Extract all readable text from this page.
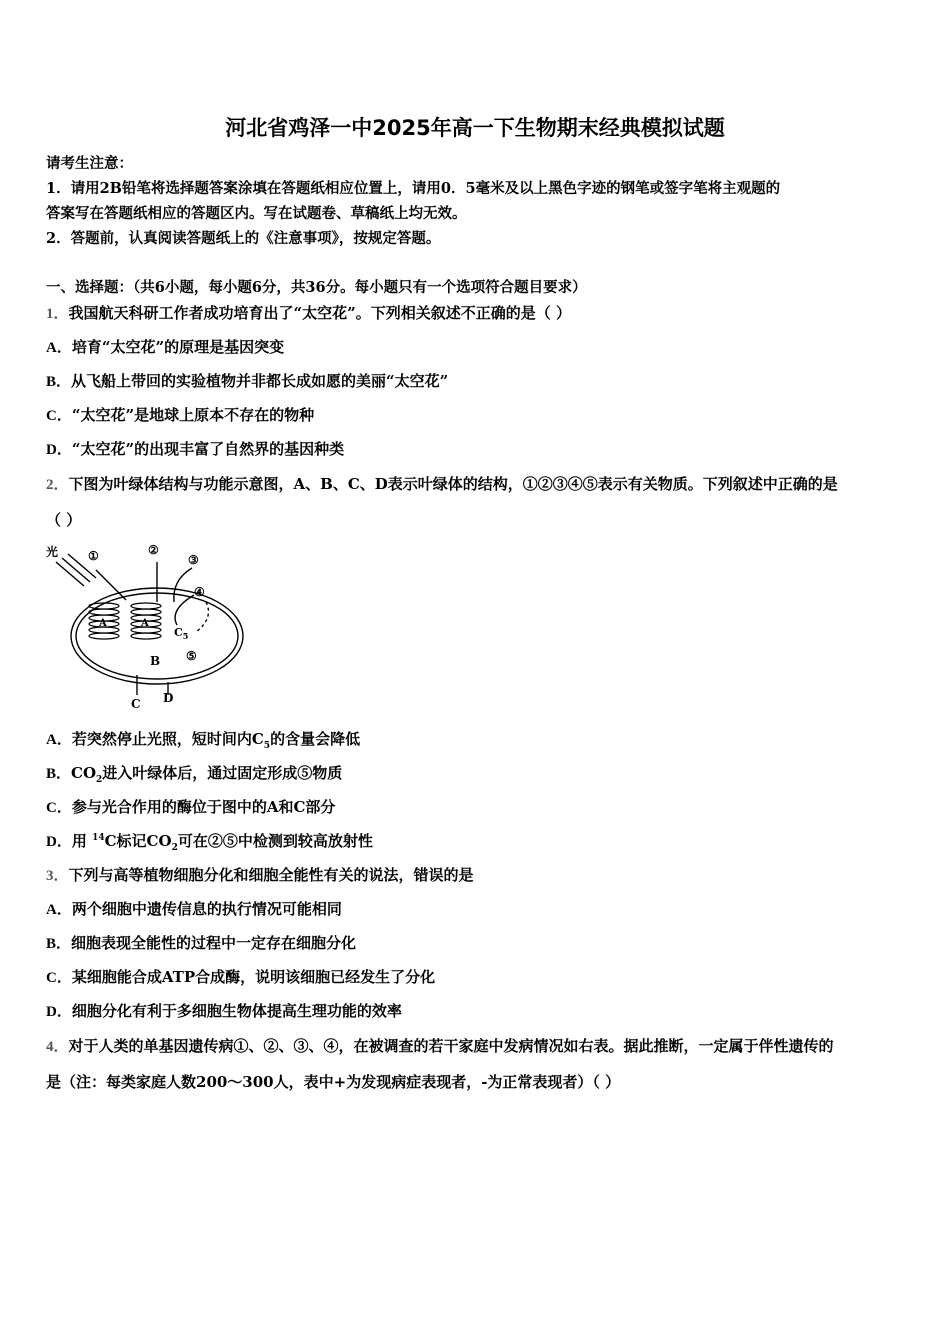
河北省鸡泽一中2025年高一下生物期末经典模拟试题
请考生注意：
1．请用2B铅笔将选择题答案涂填在答题纸相应位置上，请用0．5毫米及以上黑色字迹的钢笔或签字笔将主观题的
答案写在答题纸相应的答题区内。写在试题卷、草稿纸上均无效。
2．答题前，认真阅读答题纸上的《注意事项》，按规定答题。
一、选择题：（共6小题，每小题6分，共36分。每小题只有一个选项符合题目要求）
1．我国航天科研工作者成功培育出了“太空花”。下列相关叙述不正确的是（ ）
A．培育“太空花”的原理是基因突变
B．从飞船上带回的实验植物并非都长成如愿的美丽“太空花”
C．“太空花”是地球上原本不存在的物种
D．“太空花”的出现丰富了自然界的基因种类
2．下图为叶绿体结构与功能示意图，A、B、C、D表示叶绿体的结构，①②③④⑤表示有关物质。下列叙述中正确的是
（ ）
光 ①	②
③
④
⑤
A	A
B
C D
$C_5$
A．若突然停止光照，短时间内$C_5$的含量会降低
B．$CO_2$进入叶绿体后，通过固定形成⑤物质
C．参与光合作用的酶位于图中的A和C部分
D．用 $^{14}$C标记$CO_2$可在②⑤中检测到较高放射性
3．下列与高等植物细胞分化和细胞全能性有关的说法，错误的是
A．两个细胞中遗传信息的执行情况可能相同
B．细胞表现全能性的过程中一定存在细胞分化
C．某细胞能合成ATP合成酶，说明该细胞已经发生了分化
D．细胞分化有利于多细胞生物体提高生理功能的效率
4．对于人类的单基因遗传病①、②、③、④，在被调查的若干家庭中发病情况如右表。据此推断，一定属于伴性遗传的
是（注：每类家庭人数200～300人，表中+为发现病症表现者，-为正常表现者）（ ）
